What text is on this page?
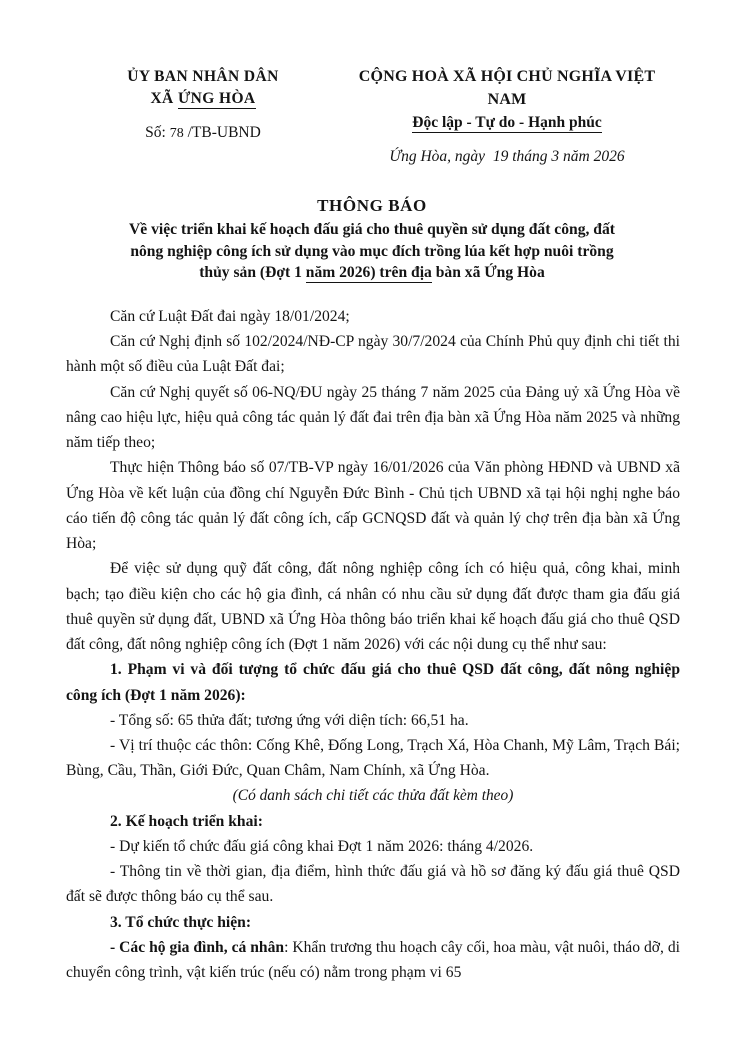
ỦY BAN NHÂN DÂN
XÃ ỨNG HÒA
Số: 78 /TB-UBND
CỘNG HOÀ XÃ HỘI CHỦ NGHĨA VIỆT NAM
Độc lập - Tự do - Hạnh phúc
Ứng Hòa, ngày  19 tháng 3 năm 2026
THÔNG BÁO
Về việc triển khai kế hoạch đấu giá cho thuê quyền sử dụng đất công, đất
nông nghiệp công ích sử dụng vào mục đích trồng lúa kết hợp nuôi trồng
thủy sản (Đợt 1 năm 2026) trên địa bàn xã Ứng Hòa

Căn cứ Luật Đất đai ngày 18/01/2024;

Căn cứ Nghị định số 102/2024/NĐ-CP ngày 30/7/2024 của Chính Phủ quy định chi tiết thi hành một số điều của Luật Đất đai;

Căn cứ Nghị quyết số 06-NQ/ĐU ngày 25 tháng 7 năm 2025 của Đảng uỷ xã Ứng Hòa về nâng cao hiệu lực, hiệu quả công tác quản lý đất đai trên địa bàn xã Ứng Hòa năm 2025 và những năm tiếp theo;

Thực hiện Thông báo số 07/TB-VP ngày 16/01/2026 của Văn phòng HĐND và UBND xã Ứng Hòa về kết luận của đồng chí Nguyễn Đức Bình - Chủ tịch UBND xã tại hội nghị nghe báo cáo tiến độ công tác quản lý đất công ích, cấp GCNQSD đất và quản lý chợ trên địa bàn xã Ứng Hòa;

Để việc sử dụng quỹ đất công, đất nông nghiệp công ích có hiệu quả, công khai, minh bạch; tạo điều kiện cho các hộ gia đình, cá nhân có nhu cầu sử dụng đất được tham gia đấu giá thuê quyền sử dụng đất, UBND xã Ứng Hòa thông báo triển khai kế hoạch đấu giá cho thuê QSD đất công, đất nông nghiệp công ích (Đợt 1 năm 2026) với các nội dung cụ thể như sau:

1. Phạm vi và đối tượng tổ chức đấu giá cho thuê QSD đất công, đất nông nghiệp công ích (Đợt 1 năm 2026):

- Tổng số: 65 thửa đất; tương ứng với diện tích: 66,51 ha.

- Vị trí thuộc các thôn: Cống Khê, Đống Long, Trạch Xá, Hòa Chanh, Mỹ Lâm, Trạch Bái; Bùng, Cầu, Thần, Giới Đức, Quan Châm, Nam Chính, xã Ứng Hòa.

(Có danh sách chi tiết các thửa đất kèm theo)

2. Kế hoạch triển khai:

- Dự kiến tổ chức đấu giá công khai Đợt 1 năm 2026: tháng 4/2026.

- Thông tin về thời gian, địa điểm, hình thức đấu giá và hồ sơ đăng ký đấu giá thuê QSD đất sẽ được thông báo cụ thể sau.

3. Tổ chức thực hiện:

- Các hộ gia đình, cá nhân: Khẩn trương thu hoạch cây cối, hoa màu, vật nuôi, tháo dỡ, di chuyển công trình, vật kiến trúc (nếu có) nằm trong phạm vi 65
